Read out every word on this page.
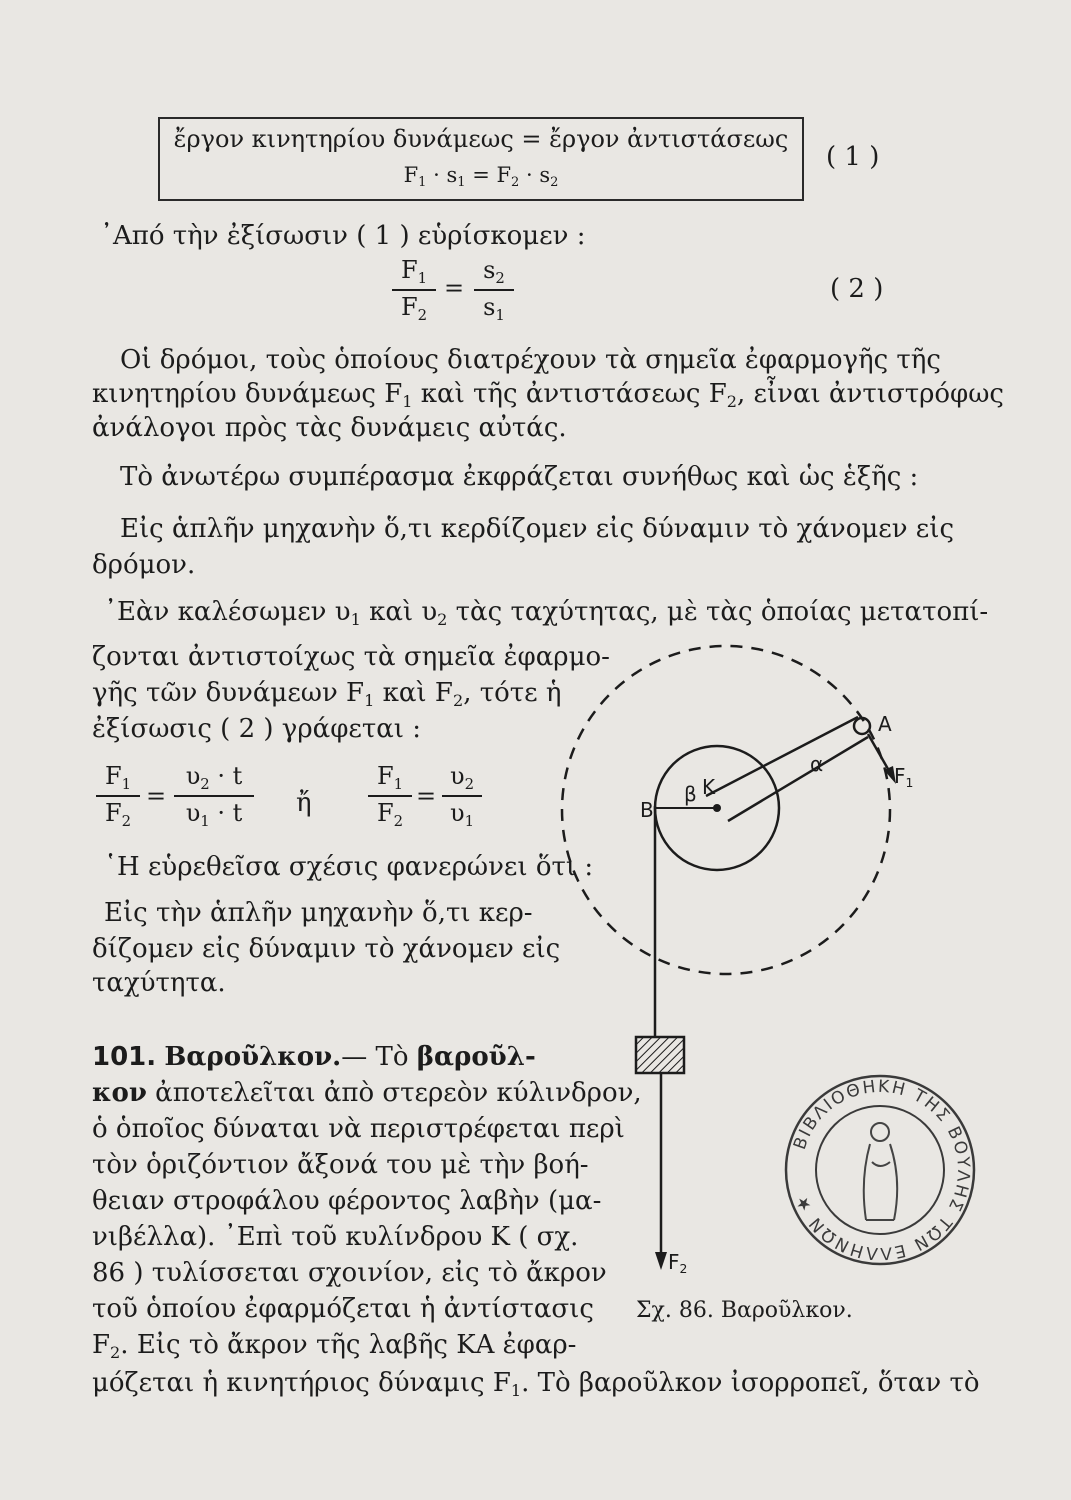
ἔργον κινητηρίου δυνάμεως = ἔργον ἀντιστάσεως
$F_1 \cdot s_1 = F_2 \cdot s_2$
( 1 )
᾿Από τὴν ἐξίσωσιν ( 1 ) εὑρίσκομεν :
$F_1$
$F_2$
=
$s_2$
$s_1$
( 2 )
Οἱ δρόμοι, τοὺς ὁποίους διατρέχουν τὰ σημεῖα ἐφαρμογῆς τῆς
κινητηρίου δυνάμεως $F_1$ καὶ τῆς ἀντιστάσεως $F_2$, εἶναι ἀντιστρόφως
ἀνάλογοι πρὸς τὰς δυνάμεις αὐτάς.
Τὸ ἀνωτέρω συμπέρασμα ἐκφράζεται συνήθως καὶ ὡς ἑξῆς :
Εἰς ἁπλῆν μηχανὴν ὅ,τι κερδίζομεν εἰς δύναμιν τὸ χάνομεν εἰς
δρόμον.
᾿Εὰν καλέσωμεν $\upsilon_1$ καὶ $\upsilon_2$ τὰς ταχύτητας, μὲ τὰς ὁποίας μετατοπί-
ζονται ἀντιστοίχως τὰ σημεῖα ἐφαρμο-
γῆς τῶν δυνάμεων $F_1$ καὶ $F_2$, τότε ἡ
ἐξίσωσις ( 2 ) γράφεται :
$F_1$
$F_2$
=
$\upsilon_2 \cdot t$
$\upsilon_1 \cdot t$	ἤ
$F_1$
$F_2$
=
$\upsilon_2$
$\upsilon_1$
῾Η εὑρεθεῖσα σχέσις φανερώνει ὅτι :
Εἰς τὴν ἁπλῆν μηχανὴν ὅ,τι κερ-
δίζομεν εἰς δύναμιν τὸ χάνομεν εἰς
ταχύτητα.
101. Βαροῦλκον.— Τὸ βαροῦλ-
κον ἀποτελεῖται ἀπὸ στερεὸν κύλινδρον,
ὁ ὁποῖος δύναται νὰ περιστρέφεται περὶ
τὸν ὁριζόντιον ἄξονά του μὲ τὴν βοή-
θειαν στροφάλου φέροντος λαβὴν (μα-
νιβέλλα). ᾿Επὶ τοῦ κυλίνδρου Κ ( σχ.
86 ) τυλίσσεται σχοινίον, εἰς τὸ ἄκρον
τοῦ ὁποίου ἐφαρμόζεται ἡ ἀντίστασις
$F_2$. Εἰς τὸ ἄκρον τῆς λαβῆς ΚΑ ἐφαρ-
μόζεται ἡ κινητήριος δύναμις $F_1$. Τὸ βαροῦλκον ἰσορροπεῖ, ὅταν τὸ
A
α
B
β K	$F_1$
$F_2$
Σχ. 86. Βαροῦλκον.
ΒΙΒΛΙΟΘΗΚΗ ΤΗΣ ΒΟΥΛΗΣ ΤΩΝ ΕΛΛΗΝΩΝ ★
